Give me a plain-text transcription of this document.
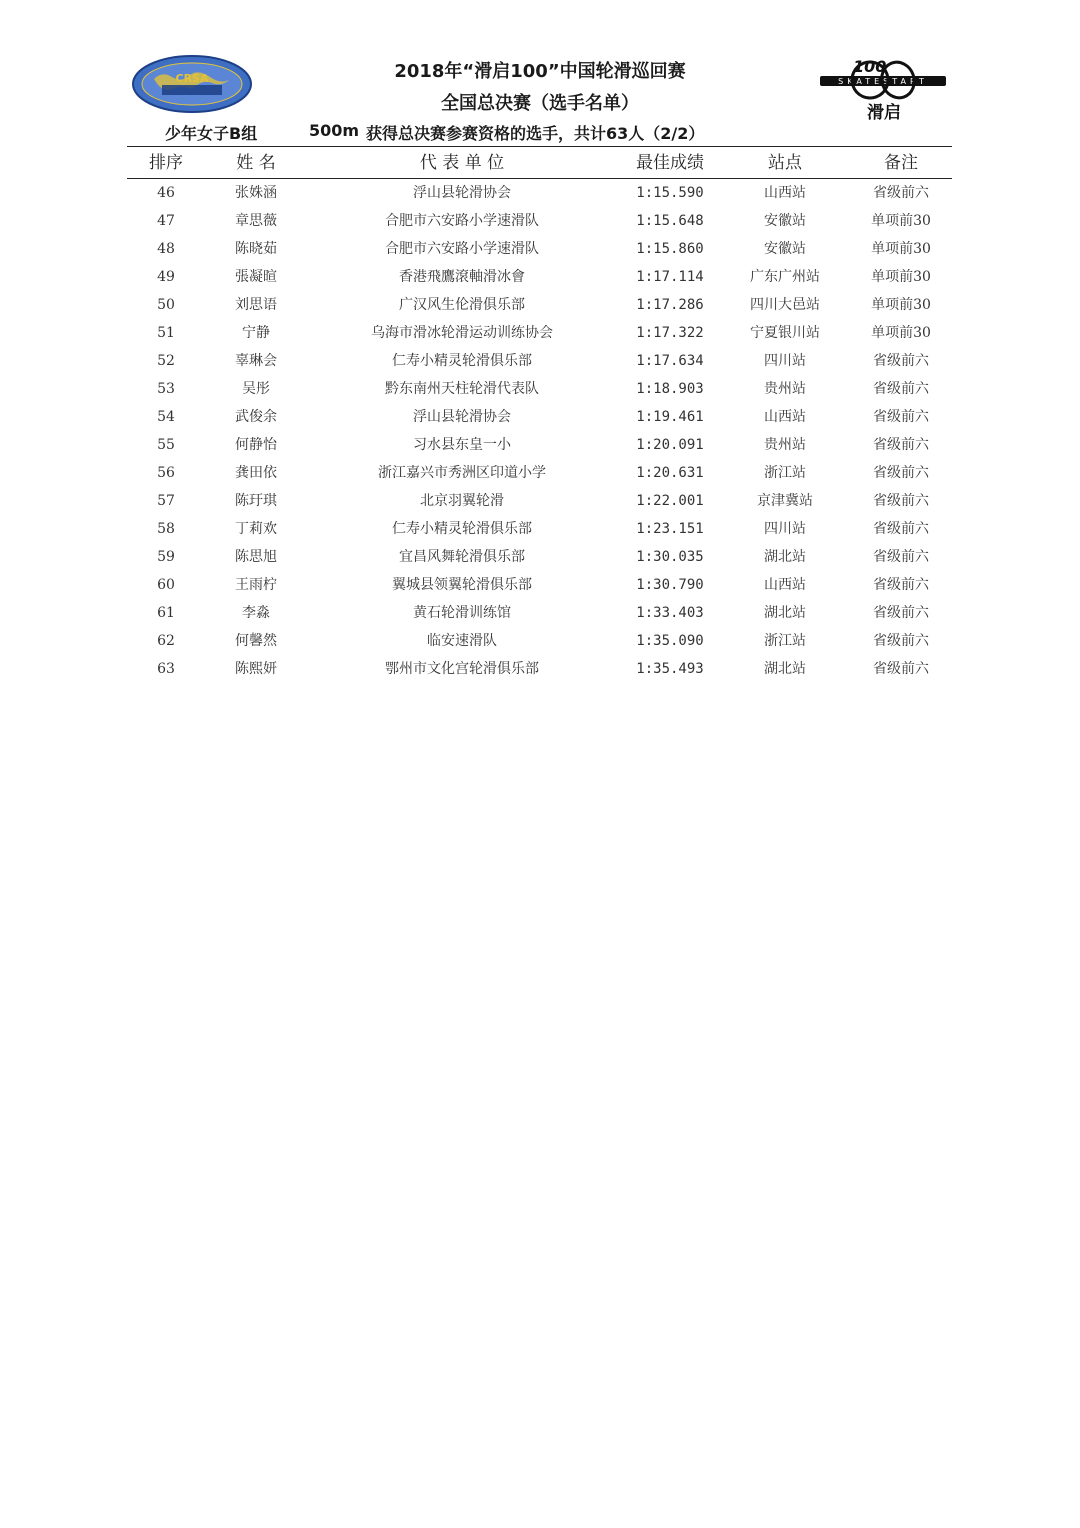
CRSA	SKATESTART
100
滑启
2018年“滑启100”中国轮滑巡回赛
全国总决赛（选手名单）
少年女子B组	500m 获得总决赛参赛资格的选手，共计63人（2/2）
排序	姓 名	代 表 单 位	最佳成绩	站点	备注
46	张姝涵	浮山县轮滑协会	1:15.590	山西站	省级前六
47	章思薇	合肥市六安路小学速滑队	1:15.648	安徽站	单项前30
48	陈晓茹	合肥市六安路小学速滑队	1:15.860	安徽站	单项前30
49	張凝暄	香港飛鷹滾軸滑冰會	1:17.114	广东广州站	单项前30
50	刘思语	广汉风生伦滑俱乐部	1:17.286	四川大邑站	单项前30
51	宁静	乌海市滑冰轮滑运动训练协会	1:17.322	宁夏银川站	单项前30
52	辜琳会	仁寿小精灵轮滑俱乐部	1:17.634	四川站	省级前六
53	吴彤	黔东南州天柱轮滑代表队	1:18.903	贵州站	省级前六
54	武俊余	浮山县轮滑协会	1:19.461	山西站	省级前六
55	何静怡	习水县东皇一小	1:20.091	贵州站	省级前六
56	龚田依	浙江嘉兴市秀洲区印道小学	1:20.631	浙江站	省级前六
57	陈玗琪	北京羽翼轮滑	1:22.001	京津冀站	省级前六
58	丁莉欢	仁寿小精灵轮滑俱乐部	1:23.151	四川站	省级前六
59	陈思旭	宜昌风舞轮滑俱乐部	1:30.035	湖北站	省级前六
60	王雨柠	翼城县领翼轮滑俱乐部	1:30.790	山西站	省级前六
61	李淼	黄石轮滑训练馆	1:33.403	湖北站	省级前六
62	何馨然	临安速滑队	1:35.090	浙江站	省级前六
63	陈熙妍	鄂州市文化宫轮滑俱乐部	1:35.493	湖北站	省级前六
